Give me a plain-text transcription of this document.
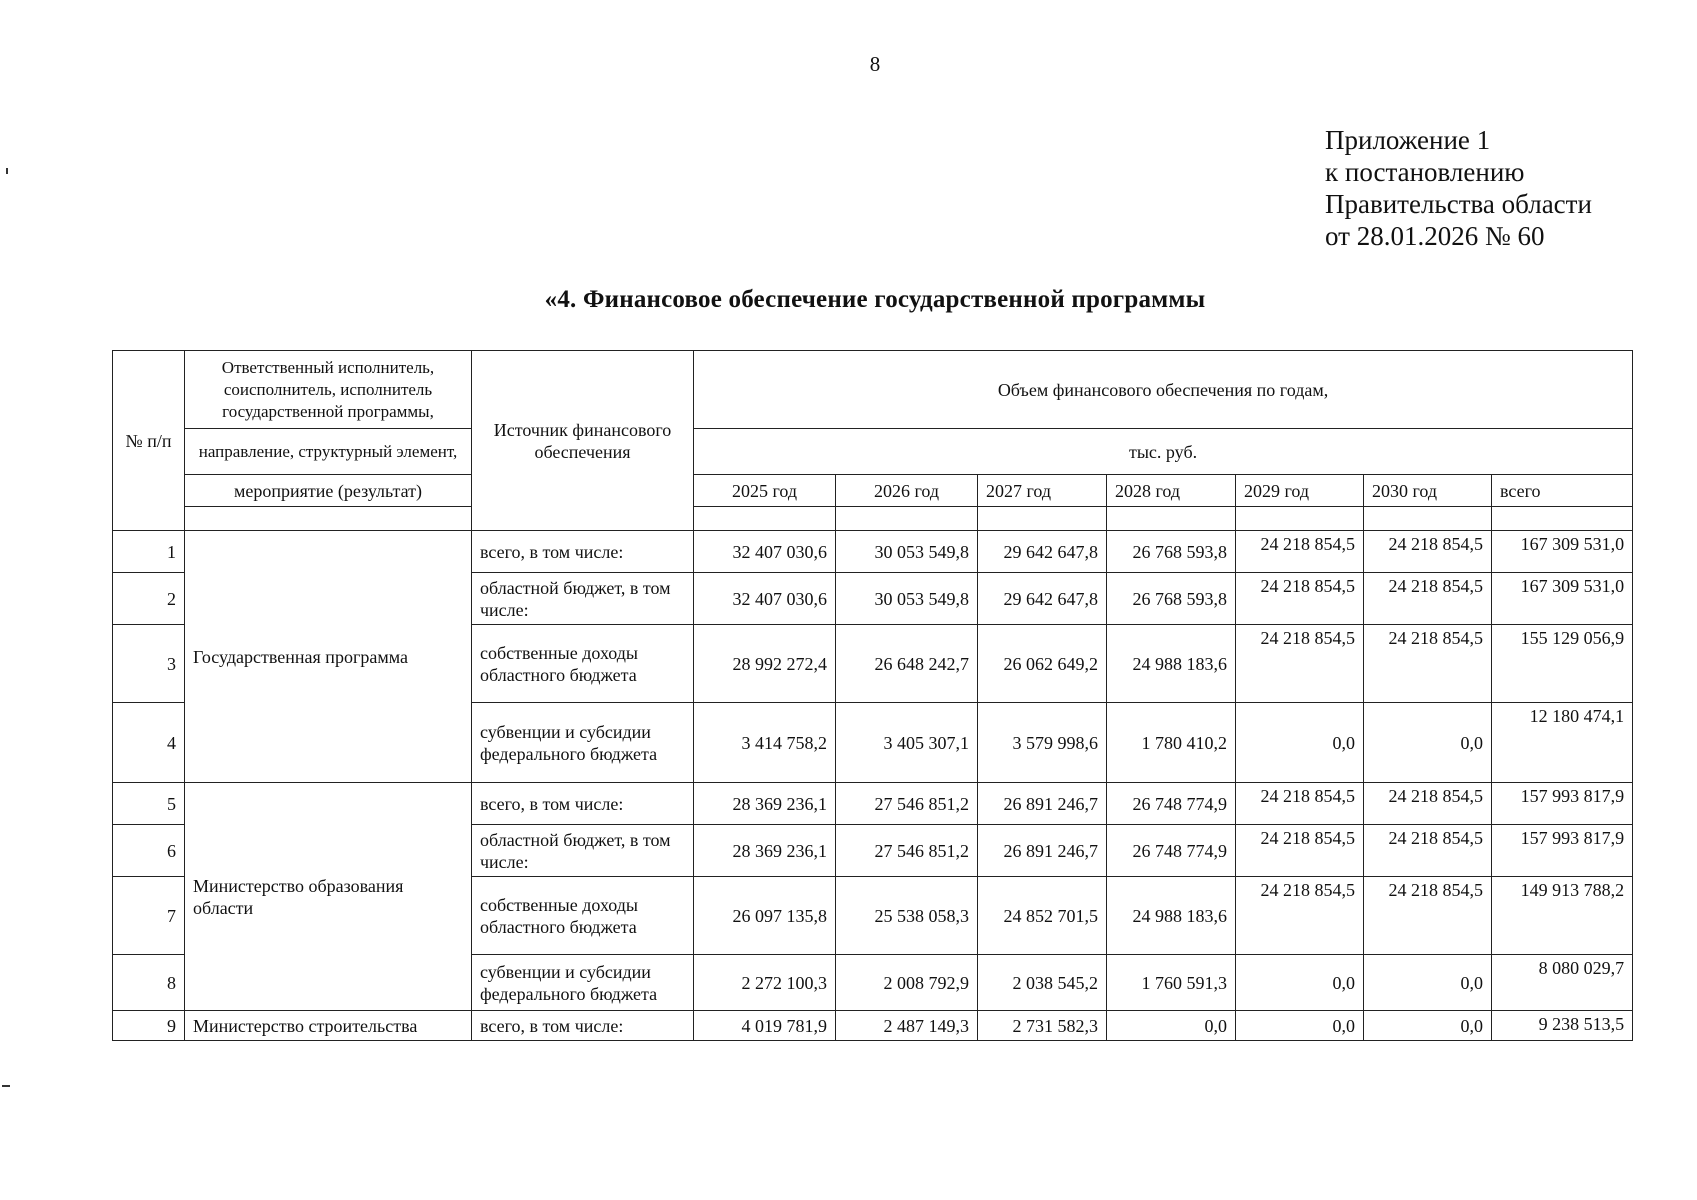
8
Приложение 1
к постановлению
Правительства области
от 28.01.2026 № 60
«4. Финансовое обеспечение государственной программы
№ п/п	Ответственный исполнитель, соисполнитель, исполнитель государственной программы,	Источник финансового обеспечения	Объем финансового обеспечения по годам,						
	направление, структурный элемент,		тыс. руб.						
	мероприятие (результат)		2025 год	2026 год	2027 год	2028 год	2029 год	2030 год	всего

1	Государственная программа	всего, в том числе:	32 407 030,6	30 053 549,8	29 642 647,8	26 768 593,8	24 218 854,5	24 218 854,5	167 309 531,0
2		областной бюджет, в том числе:	32 407 030,6	30 053 549,8	29 642 647,8	26 768 593,8	24 218 854,5	24 218 854,5	167 309 531,0
3		собственные доходы областного бюджета	28 992 272,4	26 648 242,7	26 062 649,2	24 988 183,6	24 218 854,5	24 218 854,5	155 129 056,9
4		субвенции и субсидии федерального бюджета	3 414 758,2	3 405 307,1	3 579 998,6	1 780 410,2	0,0	0,0	12 180 474,1
5	Министерство образования области	всего, в том числе:	28 369 236,1	27 546 851,2	26 891 246,7	26 748 774,9	24 218 854,5	24 218 854,5	157 993 817,9
6		областной бюджет, в том числе:	28 369 236,1	27 546 851,2	26 891 246,7	26 748 774,9	24 218 854,5	24 218 854,5	157 993 817,9
7		собственные доходы областного бюджета	26 097 135,8	25 538 058,3	24 852 701,5	24 988 183,6	24 218 854,5	24 218 854,5	149 913 788,2
8		субвенции и субсидии федерального бюджета	2 272 100,3	2 008 792,9	2 038 545,2	1 760 591,3	0,0	0,0	8 080 029,7
9	Министерство строительства	всего, в том числе:	4 019 781,9	2 487 149,3	2 731 582,3	0,0	0,0	0,0	9 238 513,5
